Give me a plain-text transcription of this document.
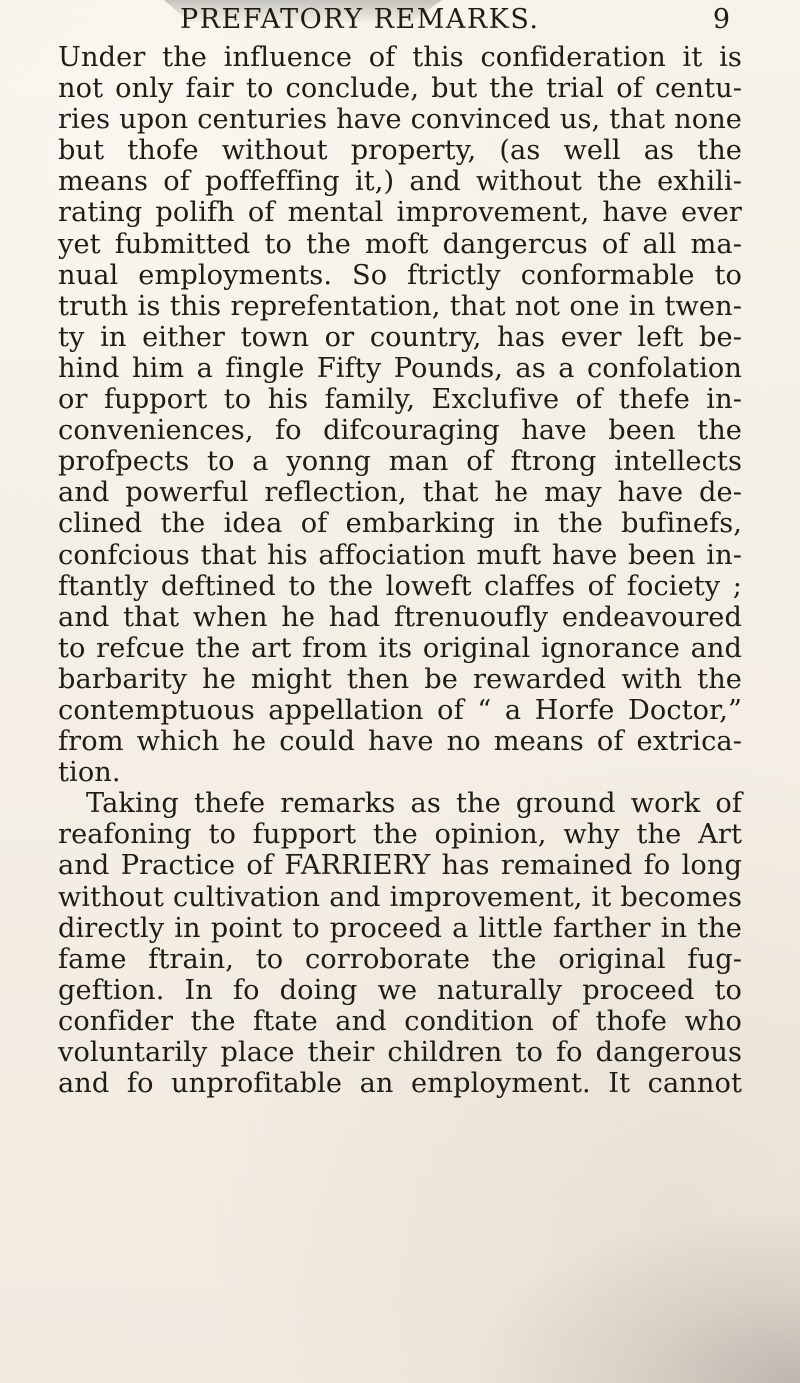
PREFATORY REMARKS.	9
Under the influence of this confideration it is
not only fair to conclude, but the trial of centu-
ries upon centuries have convinced us, that none
but thofe without property, (as well as the
means of poffeffing it,) and without the exhili-
rating polifh of mental improvement, have ever
yet fubmitted to the moft dangercus of all ma-
nual employments. So ftrictly conformable to
truth is this reprefentation, that not one in twen-
ty in either town or country, has ever left be-
hind him a fingle Fifty Pounds, as a confolation
or fupport to his family, Exclufive of thefe in-
conveniences, fo difcouraging have been the
profpects to a yonng man of ftrong intellects
and powerful reflection, that he may have de-
clined the idea of embarking in the bufinefs,
confcious that his affociation muft have been in-
ftantly deftined to the loweft claffes of fociety ;
and that when he had ftrenuoufly endeavoured
to refcue the art from its original ignorance and
barbarity he might then be rewarded with the
contemptuous appellation of “ a Horfe Doctor,”
from which he could have no means of extrica-
tion.
Taking thefe remarks as the ground work of
reafoning to fupport the opinion, why the Art
and Practice of FARRIERY has remained fo long
without cultivation and improvement, it becomes
directly in point to proceed a little farther in the
fame ftrain, to corroborate the original fug-
geftion. In fo doing we naturally proceed to
confider the ftate and condition of thofe who
voluntarily place their children to fo dangerous
and fo unprofitable an employment. It cannot
